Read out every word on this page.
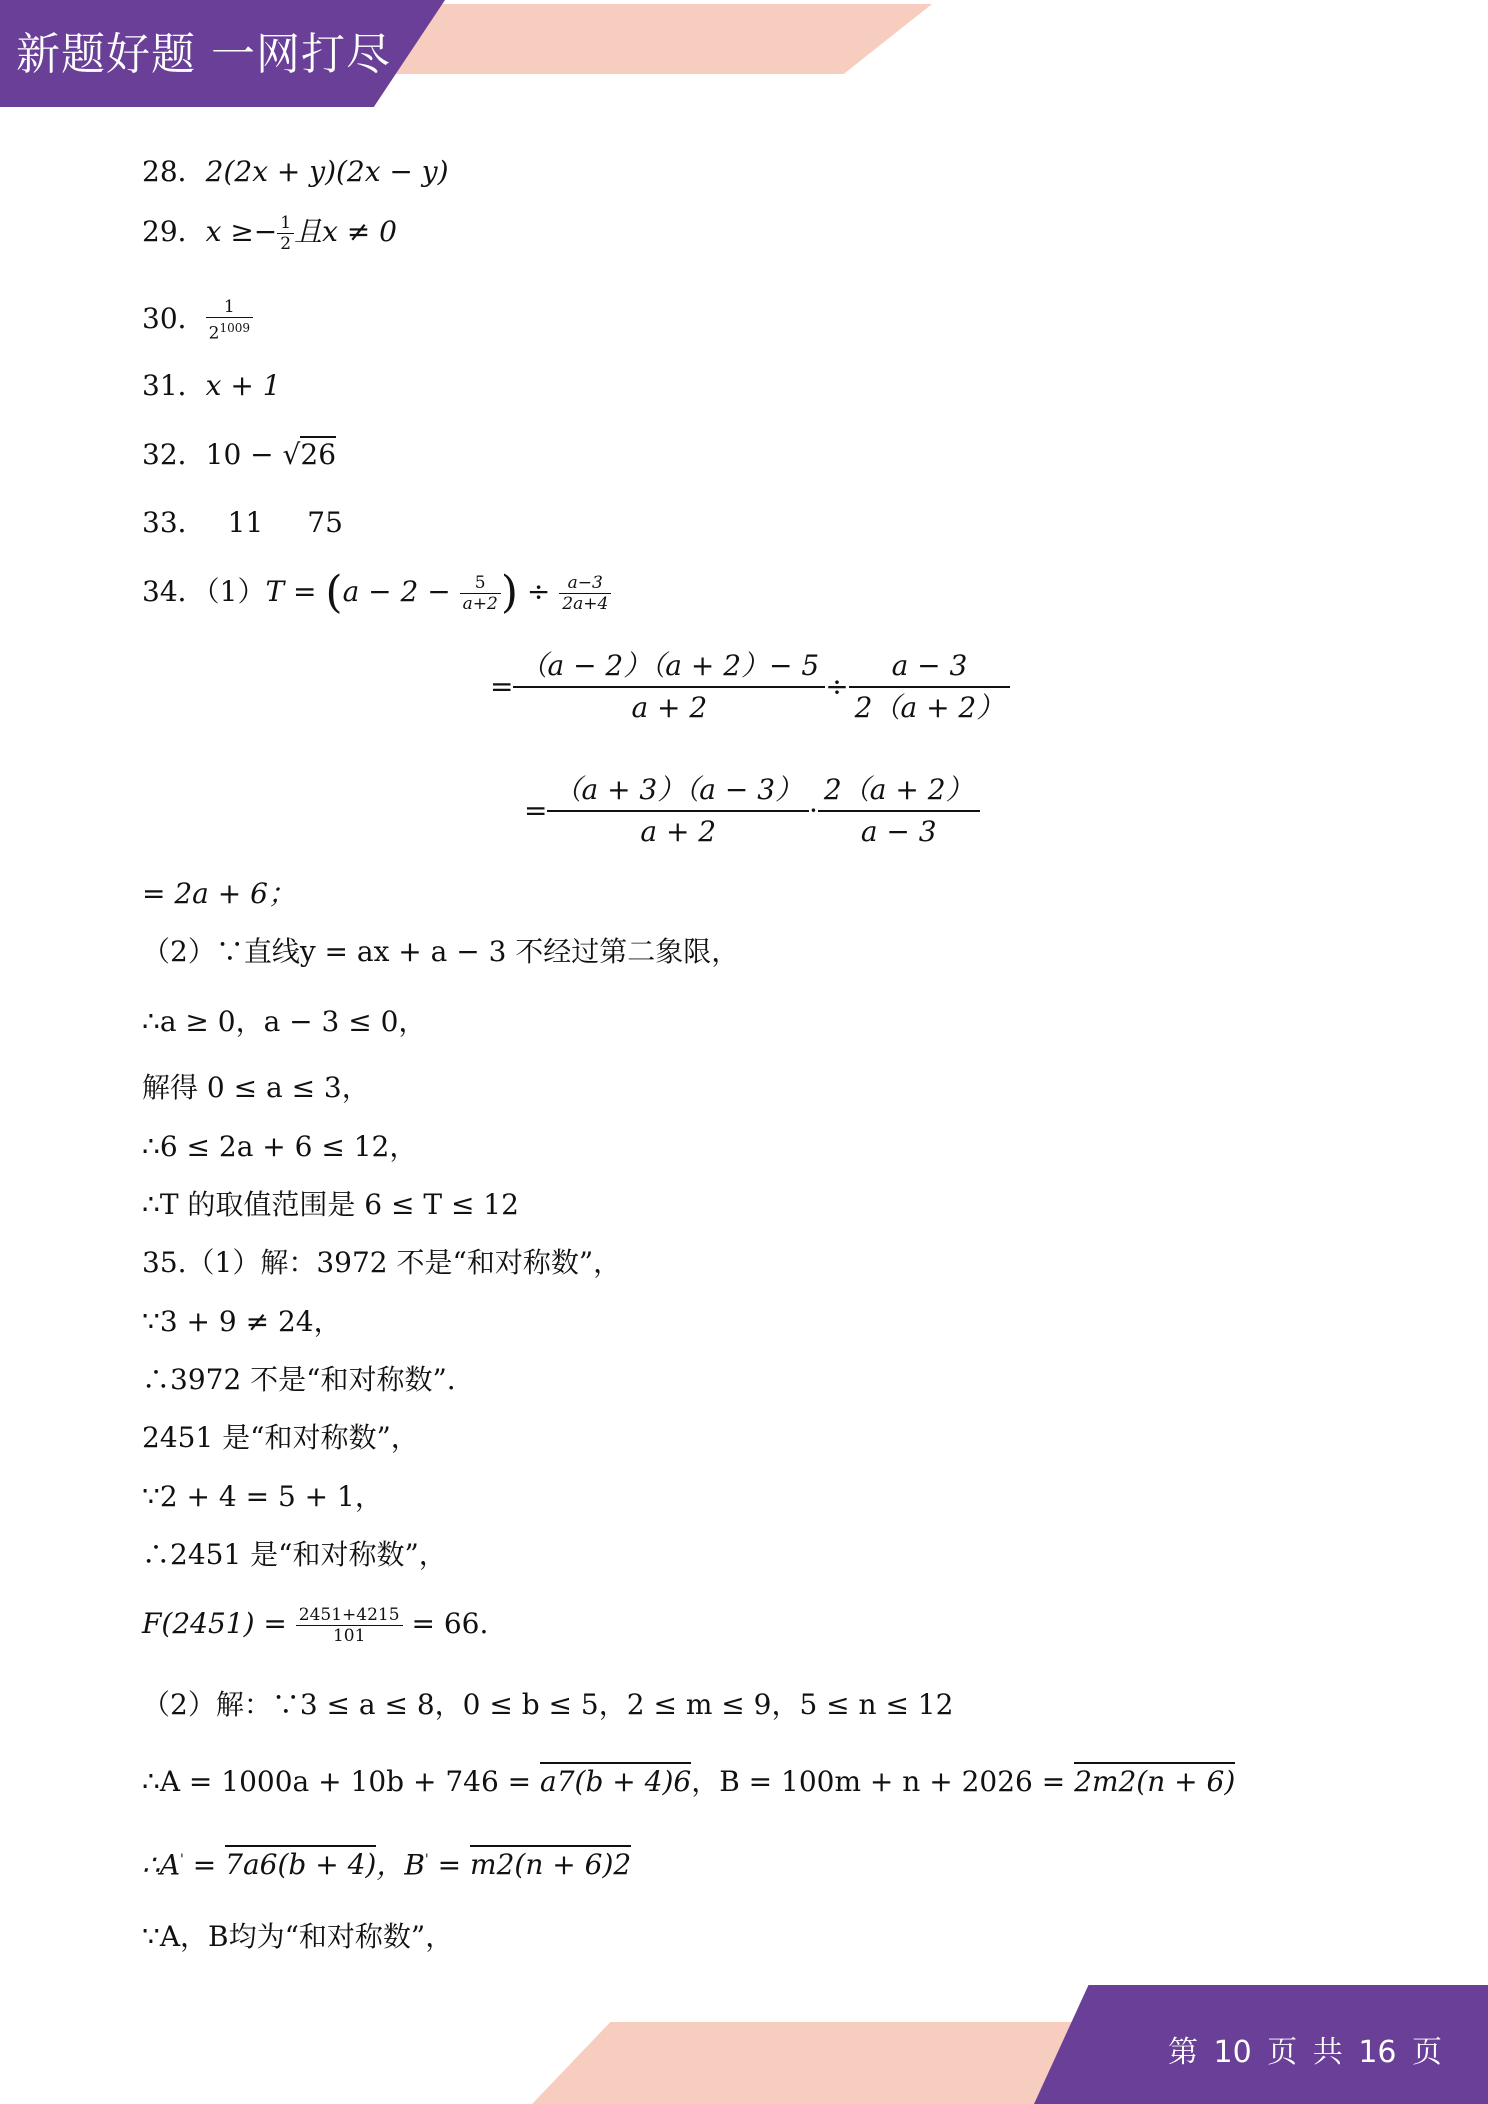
新题好题 一网打尽
28．2(2x + y)(2x − y)
29．$x \ge- \frac{1}{2}$ 且x ≠ 0
30． $\frac{1}{2^{1009}}$
31．x + 1
32．10 − √26
33． 11 75
34．$(1)T = (a - 2 - \frac{5}{a+2}$ ) ÷ $\frac{a-3}{2a+4}$
= $\frac{(a - 2)(a + 2)- 5}{a + 2} \div \frac{a - 3}{2(a + 2)}$
= $\frac{(a + 3)(a - 3)}{a + 2} \cdot \frac{2(a + 2)}{a - 3}$
= 2a + 6；
（2）∵直线y = ax + a − 3 不经过第二象限，
∴a ≥ 0，a − 3 ≤ 0，
解得 0 ≤ a ≤ 3，
∴6 ≤ 2a + 6 ≤ 12，
∴T 的取值范围是 6 ≤ T ≤ 12
35.（1）解：3972 不是“和对称数”，
∵3 + 9 ≠ 24，
∴3972 不是“和对称数”.
2451 是“和对称数”，
∵2 + 4 = 5 + 1，
∴2451 是“和对称数”，
$F(2451) = \frac{2451+4215}{101} = 66$.
（2）解：∵3 ≤ a ≤ 8，0 ≤ b ≤ 5，2 ≤ m ≤ 9，5 ≤ n ≤ 12
∴A = 1000a + 10b + 746 = a7(b + 4)6，B = 100m + n + 2026 = 2m2(n + 6)
∴A' = 7a6(b + 4)，B' = m2(n + 6)2
∵A，B均为“和对称数”，
第 10 页 共 16 页
